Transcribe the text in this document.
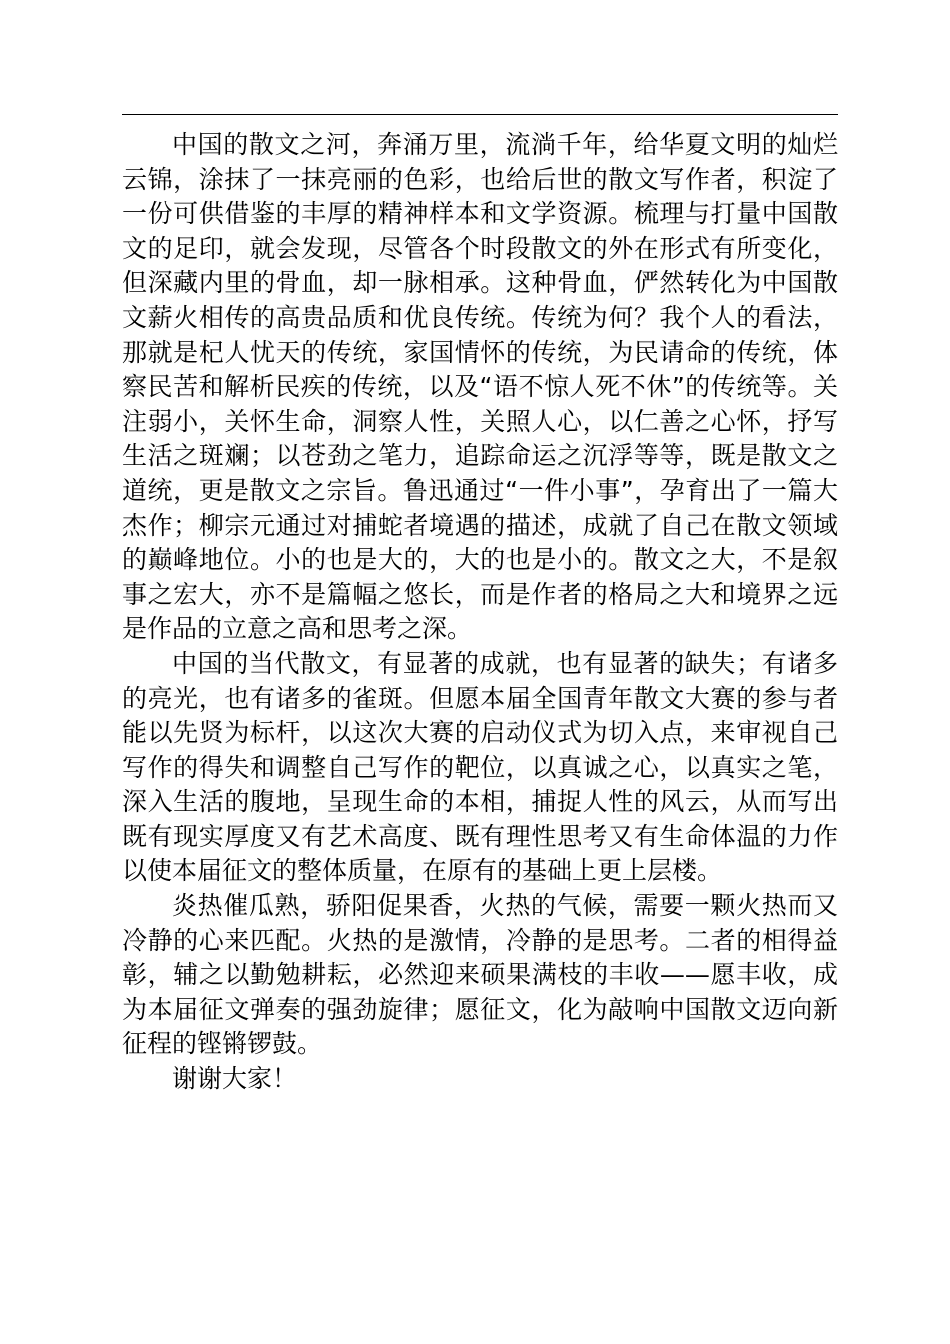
中国的散文之河，奔涌万里，流淌千年，给华夏文明的灿烂
云锦，涂抹了一抹亮丽的色彩，也给后世的散文写作者，积淀了
一份可供借鉴的丰厚的精神样本和文学资源。梳理与打量中国散
文的足印，就会发现，尽管各个时段散文的外在形式有所变化，
但深藏内里的骨血，却一脉相承。这种骨血，俨然转化为中国散
文薪火相传的高贵品质和优良传统。传统为何？我个人的看法，
那就是杞人忧天的传统，家国情怀的传统，为民请命的传统，体
察民苦和解析民疾的传统，以及“语不惊人死不休”的传统等。关
注弱小，关怀生命，洞察人性，关照人心，以仁善之心怀，抒写
生活之斑斓；以苍劲之笔力，追踪命运之沉浮等等，既是散文之
道统，更是散文之宗旨。鲁迅通过“一件小事”，孕育出了一篇大
杰作；柳宗元通过对捕蛇者境遇的描述，成就了自己在散文领域
的巅峰地位。小的也是大的，大的也是小的。散文之大，不是叙
事之宏大，亦不是篇幅之悠长，而是作者的格局之大和境界之远
是作品的立意之高和思考之深。
中国的当代散文，有显著的成就，也有显著的缺失；有诸多
的亮光，也有诸多的雀斑。但愿本届全国青年散文大赛的参与者
能以先贤为标杆，以这次大赛的启动仪式为切入点，来审视自己
写作的得失和调整自己写作的靶位，以真诚之心，以真实之笔，
深入生活的腹地，呈现生命的本相，捕捉人性的风云，从而写出
既有现实厚度又有艺术高度、既有理性思考又有生命体温的力作
以使本届征文的整体质量，在原有的基础上更上层楼。
炎热催瓜熟，骄阳促果香，火热的气候，需要一颗火热而又
冷静的心来匹配。火热的是激情，冷静的是思考。二者的相得益
彰，辅之以勤勉耕耘，必然迎来硕果满枝的丰收——愿丰收，成
为本届征文弹奏的强劲旋律；愿征文，化为敲响中国散文迈向新
征程的铿锵锣鼓。
谢谢大家！
